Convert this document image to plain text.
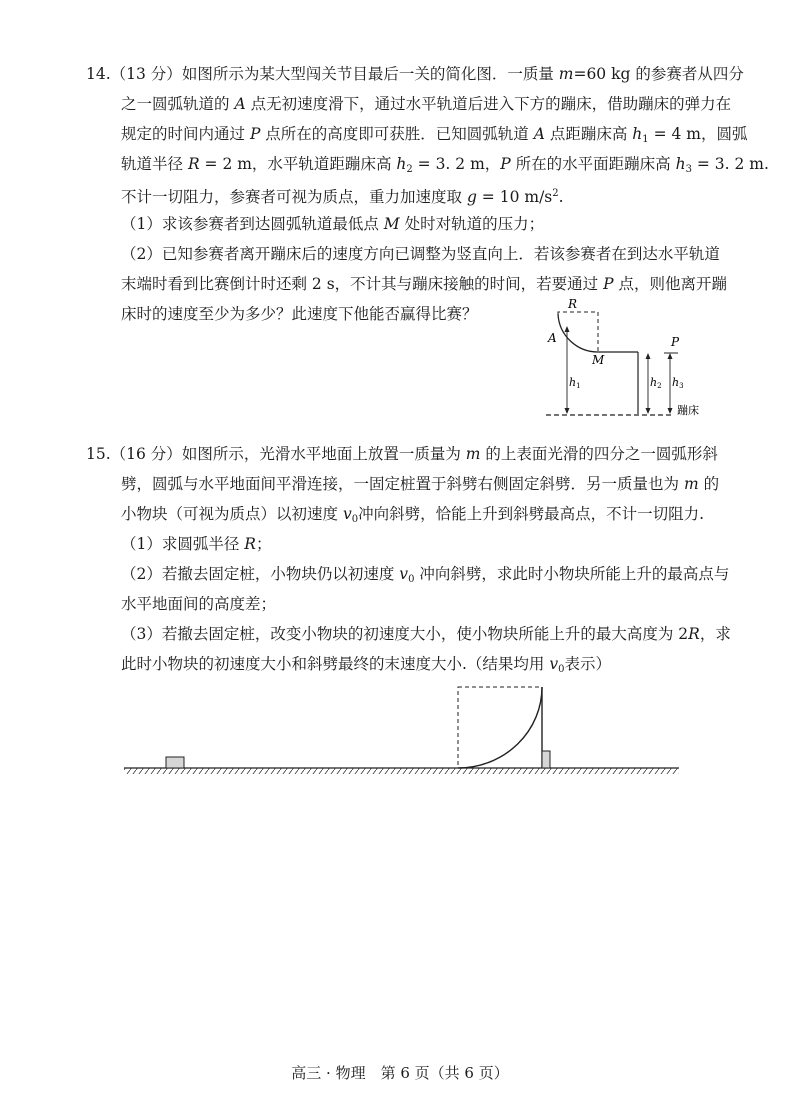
14.（13 分）如图所示为某大型闯关节目最后一关的简化图．一质量 m=60 kg 的参赛者从四分
之一圆弧轨道的 A 点无初速度滑下，通过水平轨道后进入下方的蹦床，借助蹦床的弹力在
规定的时间内通过 P 点所在的高度即可获胜．已知圆弧轨道 A 点距蹦床高 $h_1 = 4$ m，圆弧
轨道半径 R = 2 m，水平轨道距蹦床高 $h_2 = 3$. 2 m，P 所在的水平面距蹦床高 $h_3 = 3$. 2 m.
不计一切阻力，参赛者可视为质点，重力加速度取 g = 10 $m/s^2$.
（1）求该参赛者到达圆弧轨道最低点 M 处时对轨道的压力；
（2）已知参赛者离开蹦床后的速度方向已调整为竖直向上．若该参赛者在到达水平轨道
末端时看到比赛倒计时还剩 2 s，不计其与蹦床接触的时间，若要通过 P 点，则他离开蹦
床时的速度至少为多少？此速度下他能否赢得比赛？
R
A
M
P
h1	h2 h3
蹦床
15.（16 分）如图所示，光滑水平地面上放置一质量为 m 的上表面光滑的四分之一圆弧形斜
劈，圆弧与水平地面间平滑连接，一固定桩置于斜劈右侧固定斜劈．另一质量也为 m 的
小物块（可视为质点）以初速度 $v_0$冲向斜劈，恰能上升到斜劈最高点，不计一切阻力.
（1）求圆弧半径 R；
（2）若撤去固定桩，小物块仍以初速度 $v_0$ 冲向斜劈，求此时小物块所能上升的最高点与
水平地面间的高度差；
（3）若撤去固定桩，改变小物块的初速度大小，使小物块所能上升的最大高度为 2R，求
此时小物块的初速度大小和斜劈最终的末速度大小.（结果均用 $v_0$表示）
高三 · 物理　第 6 页（共 6 页）
